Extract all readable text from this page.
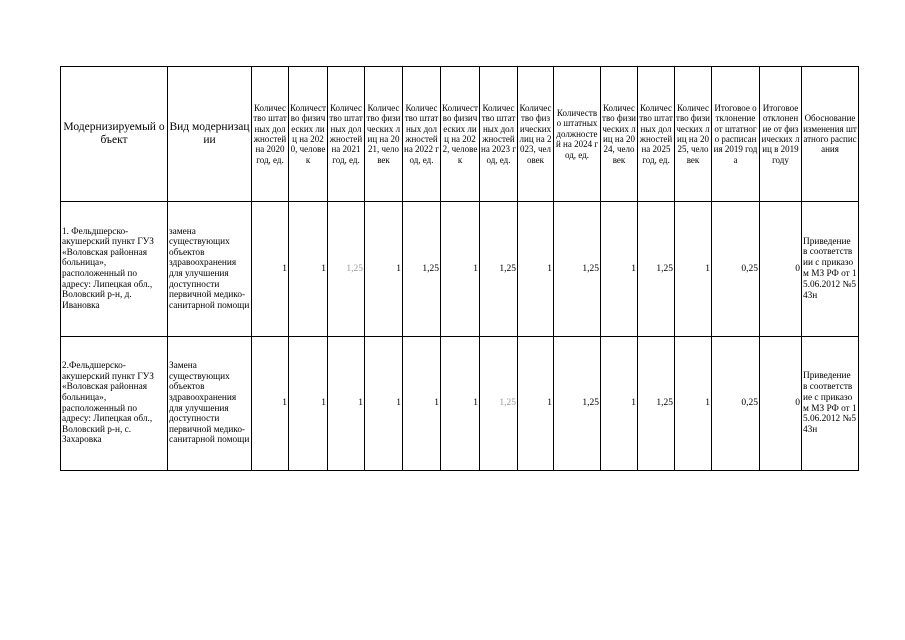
Модернизируемый объект	Вид модернизации	Количество штатных должностей на 2020 год, ед.	Количество физических лиц на 2020, человек	Количество штатных должностей на 2021 год, ед.	Количество физических лиц на 2021, человек	Количество штатных должностей на 2022 год, ед.	Количество физических лиц на 2022, человек	Количество штатных должностей на 2023 год, ед.	Количество физических лиц на 2023, человек	Количество штатных должностей на 2024 год, ед.	Количество физических лиц на 2024, человек	Количество штатных должностей на 2025 год, ед.	Количество физических лиц на 2025, человек	Итоговое отклонение от штатного расписания 2019 года	Итоговое отклонение от физических лиц в 2019 году	Обоснование изменения штатного расписания
1. Фельдшерско-акушерский пункт ГУЗ «Воловская районная больница», расположенный по адресу: Липецкая обл., Воловский р-н, д. Ивановка	замена существующих объектов здравоохранения для улучшения доступности первичной медико-санитарной помощи	1	1	1,25	1	1,25	1	1,25	1	1,25	1	1,25	1	0,25	0	Приведение в соответствии с приказом МЗ РФ от 15.06.2012 №543н
2.Фельдшерско-акушерский пункт ГУЗ «Воловская районная больница», расположенный по адресу: Липецкая обл., Воловский р-н, с. Захаровка	Замена существующих объектов здравоохранения для улучшения доступности первичной медико-санитарной помощи	1	1	1	1	1	1	1,25	1	1,25	1	1,25	1	0,25	0	Приведение в соответствие с приказом МЗ РФ от 15.06.2012 №543н
